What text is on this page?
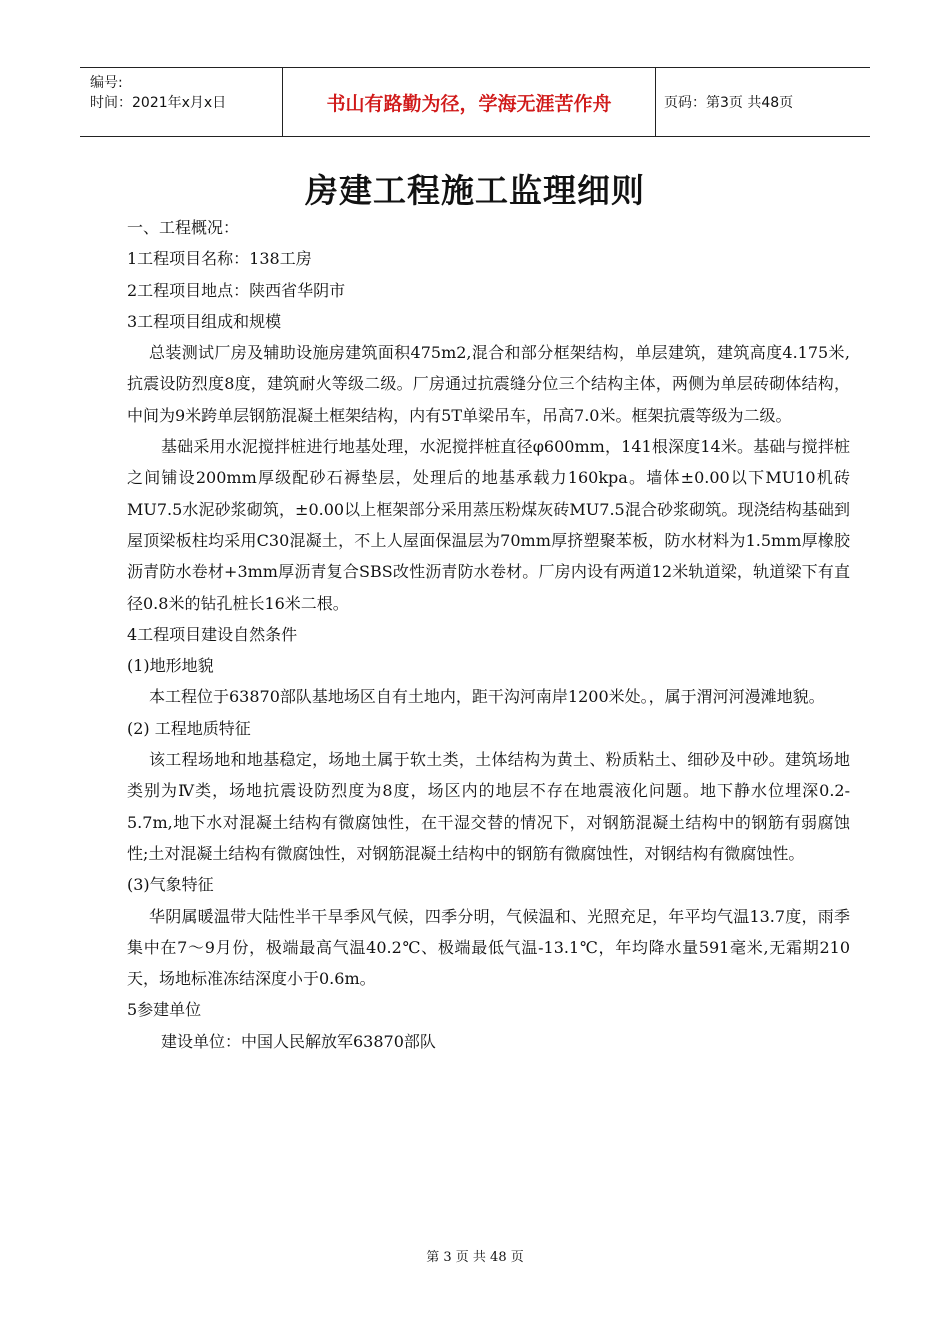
编号:
时间：2021年x月x日	书山有路勤为径，学海无涯苦作舟	页码：第3页 共48页
房建工程施工监理细则

一、工程概况：

1工程项目名称：138工房

2工程项目地点：陕西省华阴市

3工程项目组成和规模

总装测试厂房及辅助设施房建筑面积475m2,混合和部分框架结构，单层建筑，建筑高度4.175米,抗震设防烈度8度，建筑耐火等级二级。厂房通过抗震缝分位三个结构主体，两侧为单层砖砌体结构，中间为9米跨单层钢筋混凝土框架结构，内有5T单梁吊车，吊高7.0米。框架抗震等级为二级。

基础采用水泥搅拌桩进行地基处理，水泥搅拌桩直径φ600mm，141根深度14米。基础与搅拌桩之间铺设200mm厚级配砂石褥垫层，处理后的地基承载力160kpa。墙体±0.00以下MU10机砖MU7.5水泥砂浆砌筑，±0.00以上框架部分采用蒸压粉煤灰砖MU7.5混合砂浆砌筑。现浇结构基础到屋顶梁板柱均采用C30混凝土，不上人屋面保温层为70mm厚挤塑聚苯板，防水材料为1.5mm厚橡胶沥青防水卷材+3mm厚沥青复合SBS改性沥青防水卷材。厂房内设有两道12米轨道梁，轨道梁下有直径0.8米的钻孔桩长16米二根。

4工程项目建设自然条件

(1)地形地貌

本工程位于63870部队基地场区自有土地内，距干沟河南岸1200米处。，属于渭河河漫滩地貌。

(2) 工程地质特征

该工程场地和地基稳定，场地土属于软土类，土体结构为黄土、粉质粘土、细砂及中砂。建筑场地类别为Ⅳ类，场地抗震设防烈度为8度，场区内的地层不存在地震液化问题。地下静水位埋深0.2-5.7m,地下水对混凝土结构有微腐蚀性，在干湿交替的情况下，对钢筋混凝土结构中的钢筋有弱腐蚀性;土对混凝土结构有微腐蚀性，对钢筋混凝土结构中的钢筋有微腐蚀性，对钢结构有微腐蚀性。

(3)气象特征

华阴属暖温带大陆性半干旱季风气候，四季分明，气候温和、光照充足，年平均气温13.7度，雨季集中在7～9月份，极端最高气温40.2℃、极端最低气温-13.1℃，年均降水量591毫米,无霜期210天，场地标准冻结深度小于0.6m。

5参建单位

建设单位：中国人民解放军63870部队

第 3 页 共 48 页
